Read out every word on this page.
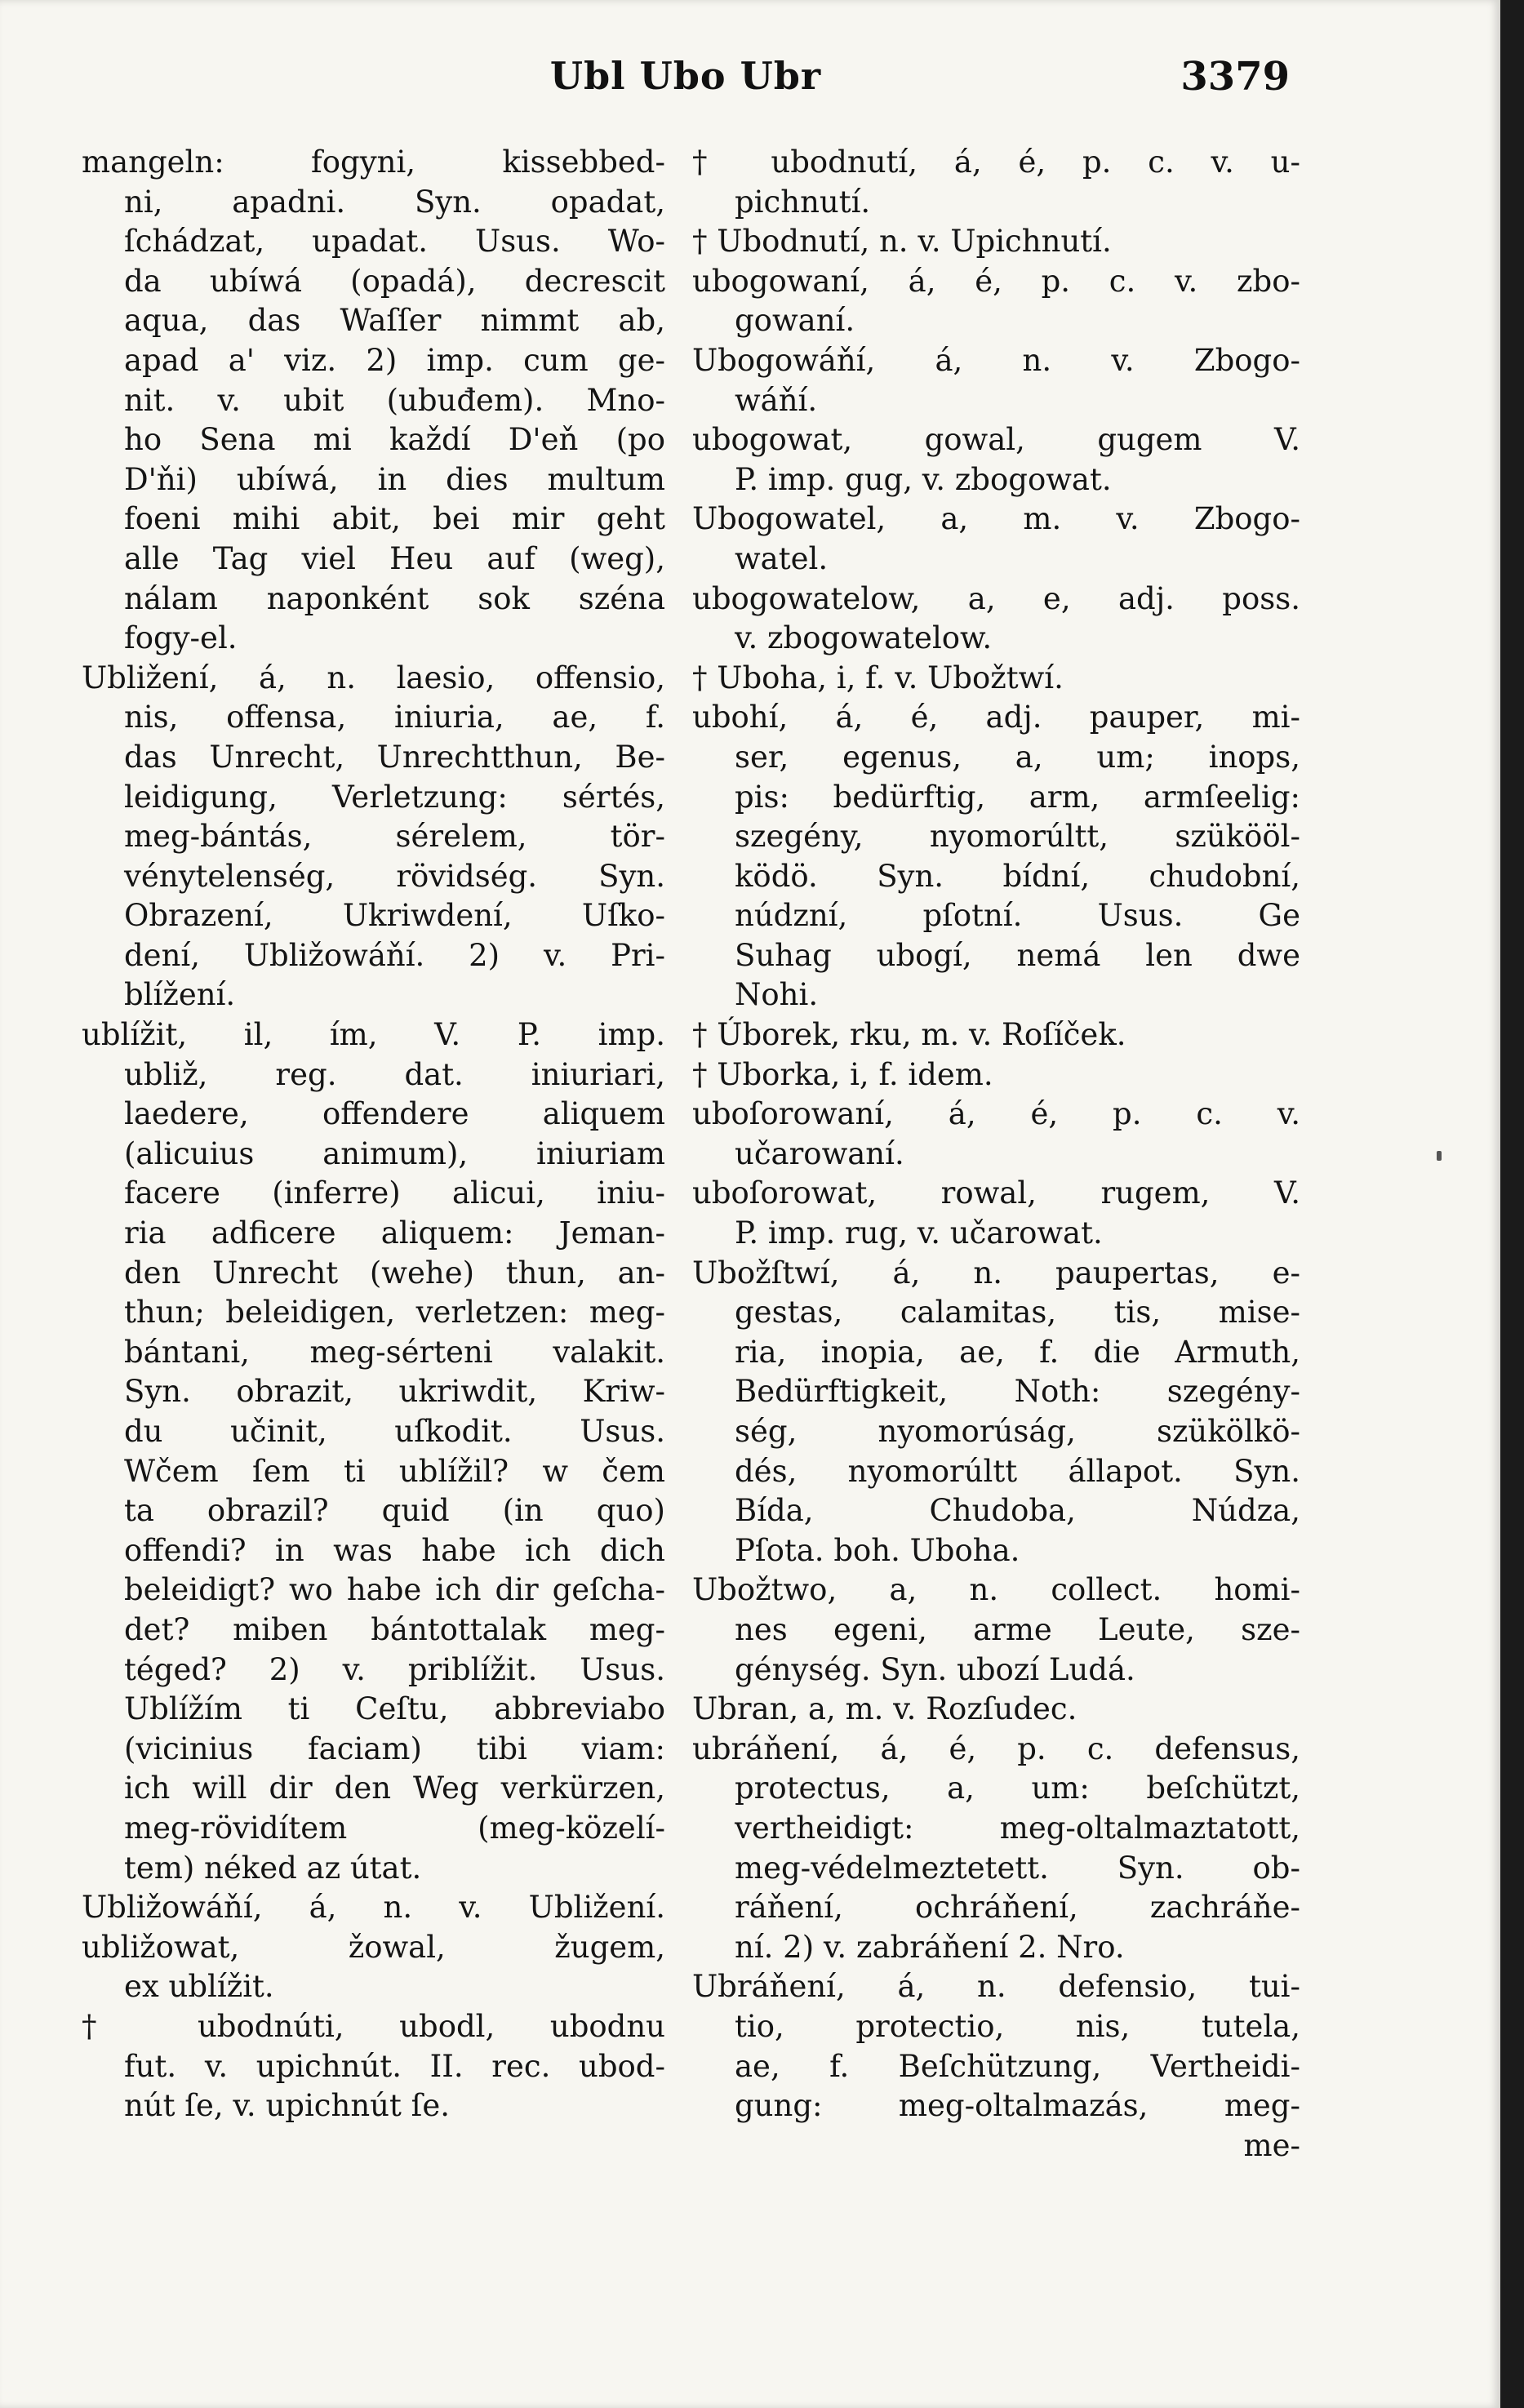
Ubl Ubo Ubr	3379
mangeln: fogyni, kissebbed-
ni, apadni. Syn. opadat,
ſchádzat, upadat. Usus. Wo-
da ubíwá (opadá), decrescit
aqua, das Waſſer nimmt ab,
apad a' viz. 2) imp. cum ge-
nit. v. ubit (ubuđem). Mno-
ho Sena mi každí D'eň (po
D'ňi) ubíwá, in dies multum
foeni mihi abit, bei mir geht
alle Tag viel Heu auf (weg),
nálam naponként sok széna
fogy-el.
Ubližení, á, n. laesio, offensio,
nis, offensa, iniuria, ae, f.
das Unrecht, Unrechtthun, Be-
leidigung, Verletzung: sértés,
meg-bántás, sérelem, tör-
vénytelenség, rövidség. Syn.
Obrazení, Ukriwdení, Uſko-
dení, Ubližowáňí. 2) v. Pri-
blížení.
ublížit, il, ím, V. P. imp.
ubliž, reg. dat. iniuriari,
laedere, offendere aliquem
(alicuius animum), iniuriam
facere (inferre) alicui, iniu-
ria adficere aliquem: Jeman-
den Unrecht (wehe) thun, an-
thun; beleidigen, verletzen: meg-
bántani, meg-sérteni valakit.
Syn. obrazit, ukriwdit, Kriw-
du učinit, uſkodit. Usus.
Wčem ſem ti ublížil? w čem
ta obrazil? quid (in quo)
offendi? in was habe ich dich
beleidigt? wo habe ich dir geſcha-
det? miben bántottalak meg-
téged? 2) v. priblížit. Usus.
Ublížím ti Ceſtu, abbreviabo
(vicinius faciam) tibi viam:
ich will dir den Weg verkürzen,
meg-rövidítem (meg-közelí-
tem) néked az útat.
Ubližowáňí, á, n. v. Ubližení.
ubližowat, žowal, žugem,
ex ublížit.
† ubodnúti, ubodl, ubodnu
fut. v. upichnút. II. rec. ubod-
nút ſe, v. upichnút ſe.
† ubodnutí, á, é, p. c. v. u-
pichnutí.
† Ubodnutí, n. v. Upichnutí.
ubogowaní, á, é, p. c. v. zbo-
gowaní.
Ubogowáňí, á, n. v. Zbogo-
wáňí.
ubogowat, gowal, gugem V.
P. imp. gug, v. zbogowat.
Ubogowatel, a, m. v. Zbogo-
watel.
ubogowatelow, a, e, adj. poss.
v. zbogowatelow.
† Uboha, i, f. v. Ubožtwí.
ubohí, á, é, adj. pauper, mi-
ser, egenus, a, um; inops,
pis: bedürftig, arm, armſeelig:
szegény, nyomorúltt, szükööl-
ködö. Syn. bídní, chudobní,
núdzní, pſotní. Usus. Ge
Suhag ubogí, nemá len dwe
Nohi.
† Úborek, rku, m. v. Roſíček.
† Uborka, i, f. idem.
uboſorowaní, á, é, p. c. v.
učarowaní.
uboſorowat, rowal, rugem, V.
P. imp. rug, v. učarowat.
Ubožſtwí, á, n. paupertas, e-
gestas, calamitas, tis, mise-
ria, inopia, ae, f. die Armuth,
Bedürftigkeit, Noth: szegény-
ség, nyomorúság, szükölkö-
dés, nyomorúltt állapot. Syn.
Bída, Chudoba, Núdza,
Pſota. boh. Uboha.
Ubožtwo, a, n. collect. homi-
nes egeni, arme Leute, sze-
génység. Syn. ubozí Ludá.
Ubran, a, m. v. Rozſudec.
ubráňení, á, é, p. c. defensus,
protectus, a, um: beſchützt,
vertheidigt: meg-oltalmaztatott,
meg-védelmeztetett. Syn. ob-
ráňení, ochráňení, zachráňe-
ní. 2) v. zabráňení 2. Nro.
Ubráňení, á, n. defensio, tui-
tio, protectio, nis, tutela,
ae, f. Beſchützung, Vertheidi-
gung: meg-oltalmazás, meg-
me-
